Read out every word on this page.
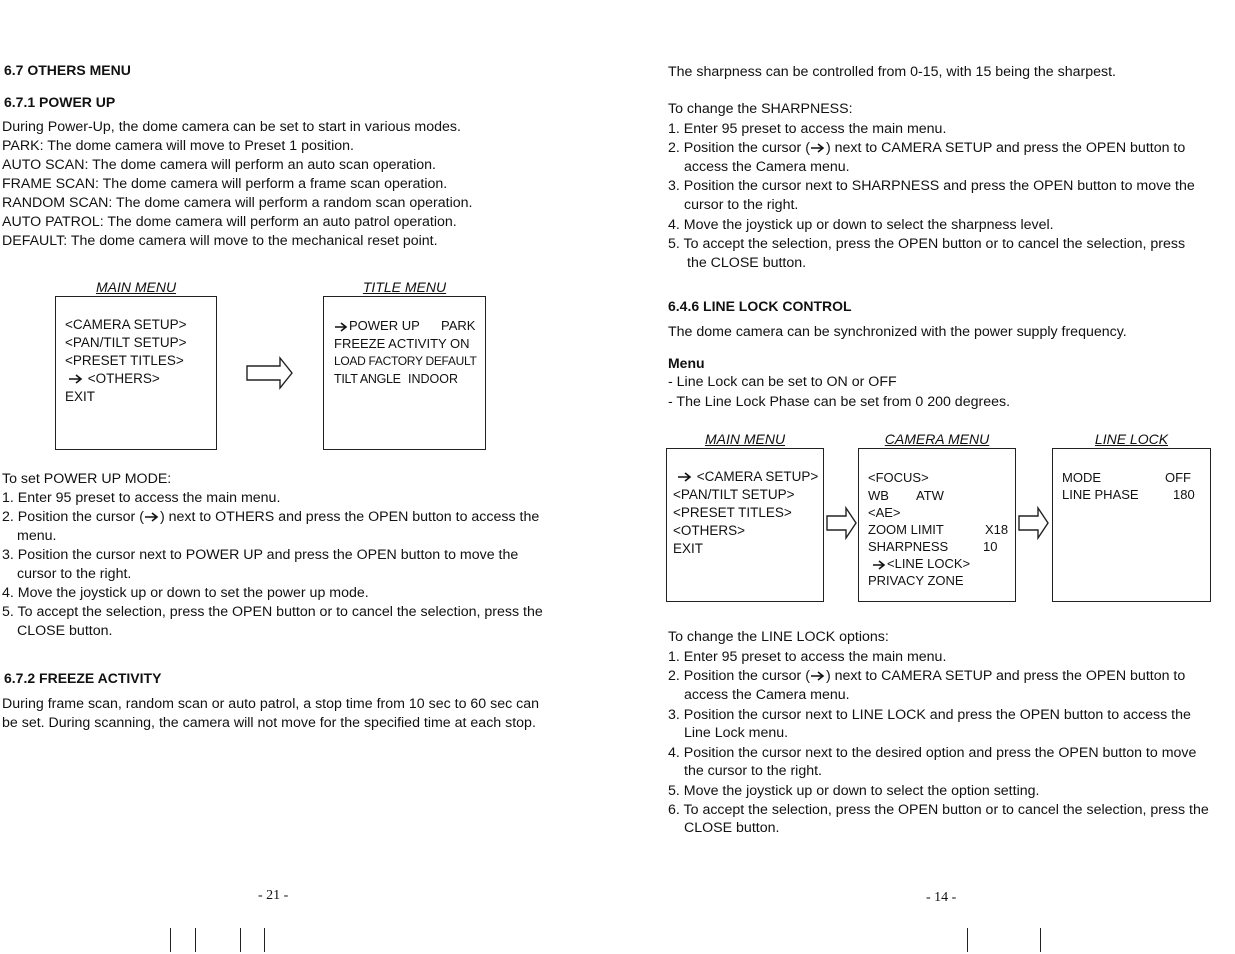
6.7 OTHERS MENU
6.7.1 POWER UP
During Power-Up, the dome camera can be set to start in various modes.
PARK: The dome camera will move to Preset 1 position.
AUTO SCAN: The dome camera will perform an auto scan operation.
FRAME SCAN: The dome camera will perform a frame scan operation.
RANDOM SCAN: The dome camera will perform a random scan operation.
AUTO PATROL: The dome camera will perform an auto patrol operation.
DEFAULT: The dome camera will move to the mechanical reset point.
MAIN MENU
<CAMERA SETUP>
<PAN/TILT SETUP>
<PRESET TITLES>
<OTHERS>
EXIT
TITLE MENU
POWER UP PARK
FREEZE ACTIVITY ON
LOAD FACTORY DEFAULT
TILT ANGLE INDOOR
To set POWER UP MODE:
1. Enter 95 preset to access the main menu.
2. Position the cursor ( ) next to OTHERS and press the OPEN button to access the
menu.
3. Position the cursor next to POWER UP and press the OPEN button to move the
cursor to the right.
4. Move the joystick up or down to set the power up mode.
5. To accept the selection, press the OPEN button or to cancel the selection, press the
CLOSE button.
6.7.2 FREEZE ACTIVITY
During frame scan, random scan or auto patrol, a stop time from 10 sec to 60 sec can
be set. During scanning, the camera will not move for the specified time at each stop.
- 21 -
The sharpness can be controlled from 0-15, with 15 being the sharpest.
To change the SHARPNESS:
1. Enter 95 preset to access the main menu.
2. Position the cursor ( ) next to CAMERA SETUP and press the OPEN button to
access the Camera menu.
3. Position the cursor next to SHARPNESS and press the OPEN button to move the
cursor to the right.
4. Move the joystick up or down to select the sharpness level.
5. To accept the selection, press the OPEN button or to cancel the selection, press
the CLOSE button.
6.4.6 LINE LOCK CONTROL
The dome camera can be synchronized with the power supply frequency.
Menu
- Line Lock can be set to ON or OFF
- The Line Lock Phase can be set from 0 200 degrees.
MAIN MENU
<CAMERA SETUP>
<PAN/TILT SETUP>
<PRESET TITLES>
<OTHERS>
EXIT
CAMERA MENU
<FOCUS>
WB ATW
<AE>
ZOOM LIMIT	X18
SHARPNESS	10
<LINE LOCK>
PRIVACY ZONE
LINE LOCK
MODE	OFF
LINE PHASE	180
To change the LINE LOCK options:
1. Enter 95 preset to access the main menu.
2. Position the cursor ( ) next to CAMERA SETUP and press the OPEN button to
access the Camera menu.
3. Position the cursor next to LINE LOCK and press the OPEN button to access the
Line Lock menu.
4. Position the cursor next to the desired option and press the OPEN button to move
the cursor to the right.
5. Move the joystick up or down to select the option setting.
6. To accept the selection, press the OPEN button or to cancel the selection, press the
CLOSE button.
- 14 -
